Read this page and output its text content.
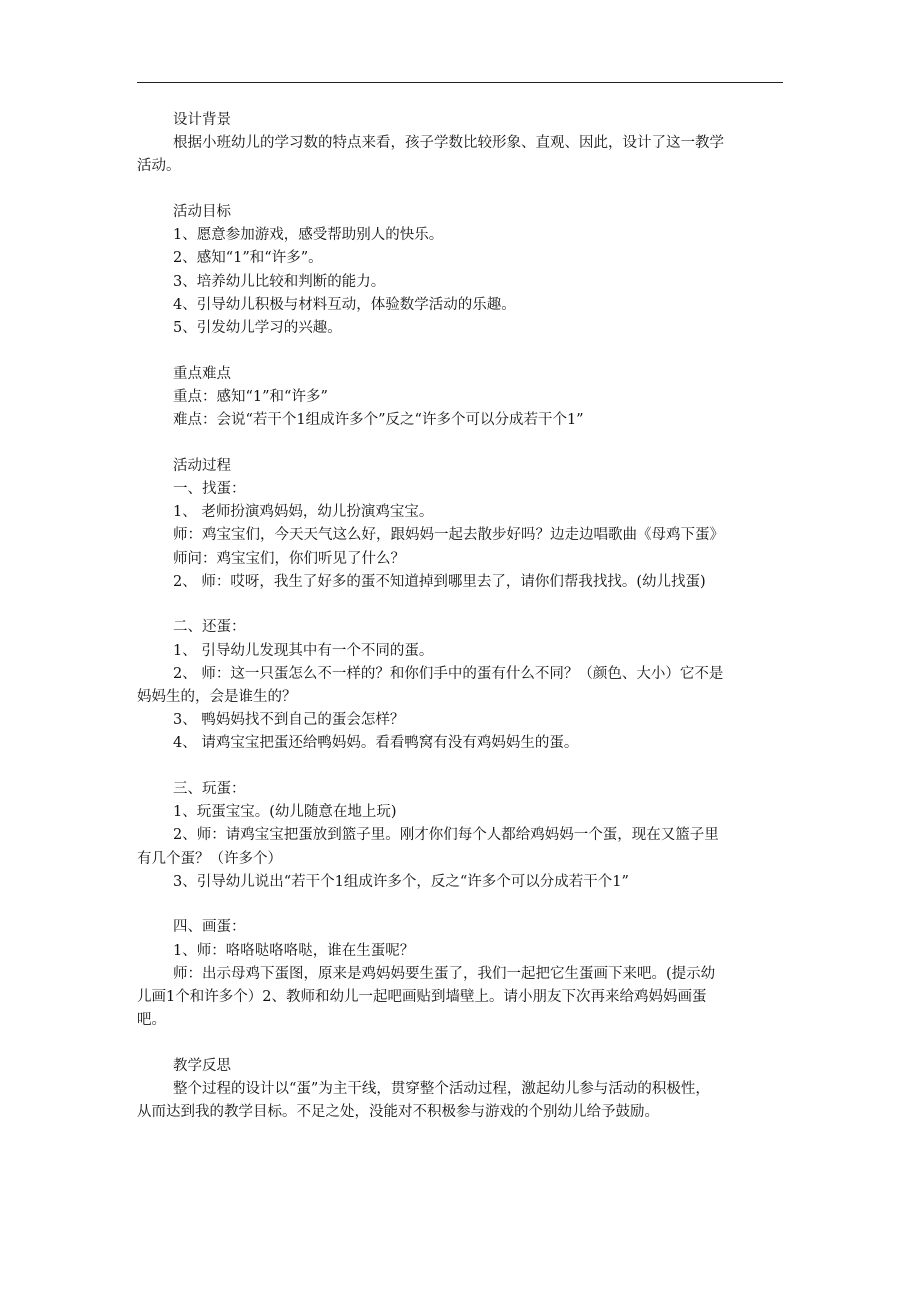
设计背景
根据小班幼儿的学习数的特点来看，孩子学数比较形象、直观、因此，设计了这一教学
活动。
活动目标
1、愿意参加游戏，感受帮助别人的快乐。
2、感知“1”和“许多”。
3、培养幼儿比较和判断的能力。
4、引导幼儿积极与材料互动，体验数学活动的乐趣。
5、引发幼儿学习的兴趣。
重点难点
重点：感知“1”和“许多”
难点：会说“若干个1组成许多个”反之“许多个可以分成若干个1”
活动过程
一、找蛋：
1、 老师扮演鸡妈妈，幼儿扮演鸡宝宝。
师：鸡宝宝们，今天天气这么好，跟妈妈一起去散步好吗？边走边唱歌曲《母鸡下蛋》
师问：鸡宝宝们，你们听见了什么？
2、 师：哎呀，我生了好多的蛋不知道掉到哪里去了，请你们帮我找找。(幼儿找蛋)
二、还蛋：
1、 引导幼儿发现其中有一个不同的蛋。
2、 师：这一只蛋怎么不一样的？和你们手中的蛋有什么不同？（颜色、大小）它不是
妈妈生的，会是谁生的？
3、 鸭妈妈找不到自己的蛋会怎样？
4、 请鸡宝宝把蛋还给鸭妈妈。看看鸭窝有没有鸡妈妈生的蛋。
三、玩蛋：
1、玩蛋宝宝。(幼儿随意在地上玩)
2、师：请鸡宝宝把蛋放到篮子里。刚才你们每个人都给鸡妈妈一个蛋，现在又篮子里
有几个蛋？（许多个）
3、引导幼儿说出“若干个1组成许多个，反之“许多个可以分成若干个1”
四、画蛋：
1、师：咯咯哒咯咯哒，谁在生蛋呢？
师：出示母鸡下蛋图，原来是鸡妈妈要生蛋了，我们一起把它生蛋画下来吧。(提示幼
儿画1个和许多个）2、教师和幼儿一起吧画贴到墙壁上。请小朋友下次再来给鸡妈妈画蛋
吧。
教学反思
整个过程的设计以“蛋”为主干线，贯穿整个活动过程，激起幼儿参与活动的积极性，
从而达到我的教学目标。不足之处，没能对不积极参与游戏的个别幼儿给予鼓励。
